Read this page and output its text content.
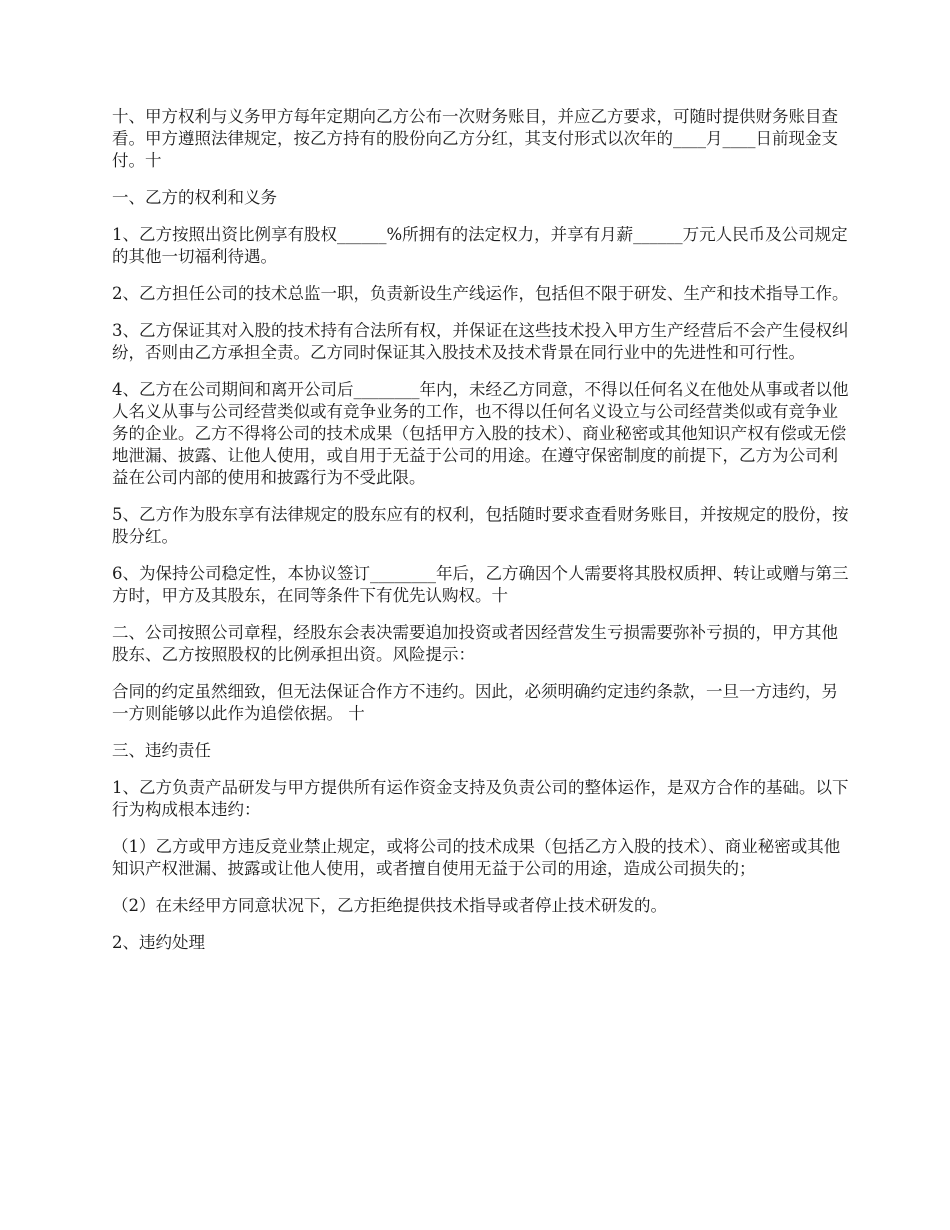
十、甲方权利与义务甲方每年定期向乙方公布一次财务账目，并应乙方要求，可随时提供财务账目查看。甲方遵照法律规定，按乙方持有的股份向乙方分红，其支付形式以次年的____月____日前现金支付。十

一、乙方的权利和义务

1、乙方按照出资比例享有股权______%所拥有的法定权力，并享有月薪______万元人民币及公司规定的其他一切福利待遇。

2、乙方担任公司的技术总监一职，负责新设生产线运作，包括但不限于研发、生产和技术指导工作。

3、乙方保证其对入股的技术持有合法所有权，并保证在这些技术投入甲方生产经营后不会产生侵权纠纷，否则由乙方承担全责。乙方同时保证其入股技术及技术背景在同行业中的先进性和可行性。

4、乙方在公司期间和离开公司后________年内，未经乙方同意，不得以任何名义在他处从事或者以他人名义从事与公司经营类似或有竞争业务的工作，也不得以任何名义设立与公司经营类似或有竞争业务的企业。乙方不得将公司的技术成果（包括甲方入股的技术）、商业秘密或其他知识产权有偿或无偿地泄漏、披露、让他人使用，或自用于无益于公司的用途。在遵守保密制度的前提下，乙方为公司利益在公司内部的使用和披露行为不受此限。

5、乙方作为股东享有法律规定的股东应有的权利，包括随时要求查看财务账目，并按规定的股份，按股分红。

6、为保持公司稳定性，本协议签订________年后，乙方确因个人需要将其股权质押、转让或赠与第三方时，甲方及其股东，在同等条件下有优先认购权。十

二、公司按照公司章程，经股东会表决需要追加投资或者因经营发生亏损需要弥补亏损的，甲方其他股东、乙方按照股权的比例承担出资。风险提示：

合同的约定虽然细致，但无法保证合作方不违约。因此，必须明确约定违约条款，一旦一方违约，另一方则能够以此作为追偿依据。 十

三、违约责任

1、乙方负责产品研发与甲方提供所有运作资金支持及负责公司的整体运作，是双方合作的基础。以下行为构成根本违约：

（1）乙方或甲方违反竞业禁止规定，或将公司的技术成果（包括乙方入股的技术）、商业秘密或其他知识产权泄漏、披露或让他人使用，或者擅自使用无益于公司的用途，造成公司损失的；

（2）在未经甲方同意状况下，乙方拒绝提供技术指导或者停止技术研发的。

2、违约处理
